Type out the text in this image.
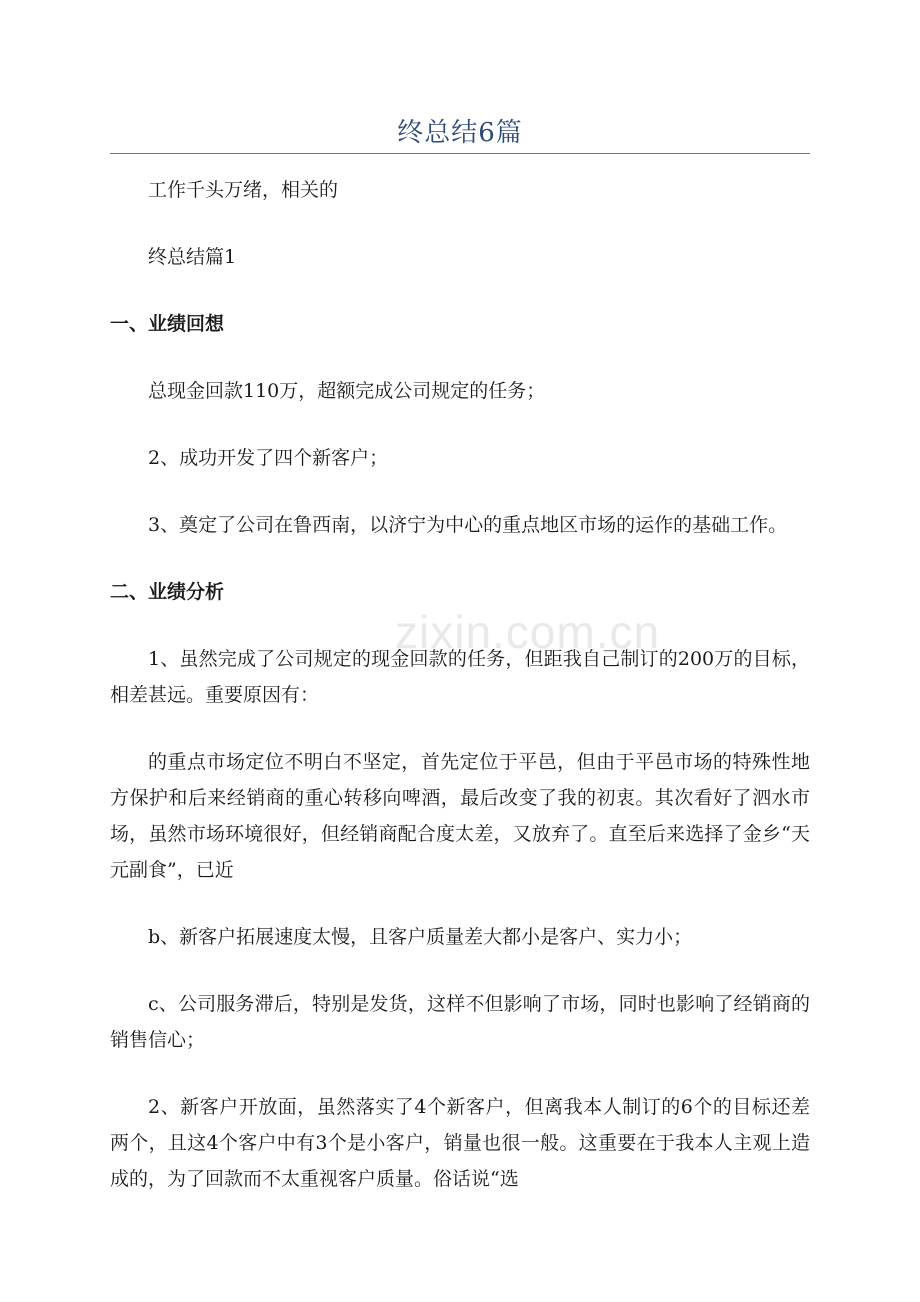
zixin.com.cn
终总结6篇

工作千头万绪，相关的

终总结篇1

一、业绩回想

总现金回款110万，超额完成公司规定的任务；

2、成功开发了四个新客户；

3、奠定了公司在鲁西南，以济宁为中心的重点地区市场的运作的基础工作。

二、业绩分析

1、虽然完成了公司规定的现金回款的任务，但距我自己制订的200万的目标，相差甚远。重要原因有：

的重点市场定位不明白不坚定，首先定位于平邑，但由于平邑市场的特殊性地方保护和后来经销商的重心转移向啤酒，最后改变了我的初衷。其次看好了泗水市场，虽然市场环境很好，但经销商配合度太差，又放弃了。直至后来选择了金乡“天元副食”，已近

b、新客户拓展速度太慢，且客户质量差大都小是客户、实力小；

c、公司服务滞后，特别是发货，这样不但影响了市场，同时也影响了经销商的销售信心；

2、新客户开放面，虽然落实了4个新客户，但离我本人制订的6个的目标还差两个，且这4个客户中有3个是小客户，销量也很一般。这重要在于我本人主观上造成的，为了回款而不太重视客户质量。俗话说“选
